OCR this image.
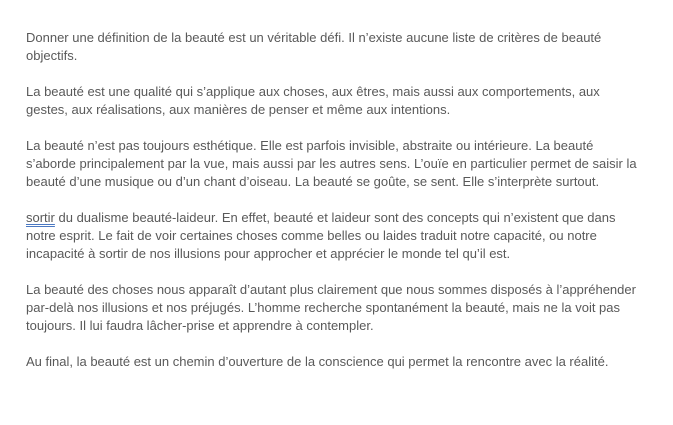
Donner une définition de la beauté est un véritable défi. Il n’existe aucune liste de critères de beauté objectifs.

La beauté est une qualité qui s’applique aux choses, aux êtres, mais aussi aux comportements, aux gestes, aux réalisations, aux manières de penser et même aux intentions.

La beauté n’est pas toujours esthétique. Elle est parfois invisible, abstraite ou intérieure. La beauté s’aborde principalement par la vue, mais aussi par les autres sens. L’ouïe en particulier permet de saisir la beauté d’une musique ou d’un chant d’oiseau. La beauté se goûte, se sent. Elle s’interprète surtout.

sortir du dualisme beauté-laideur. En effet, beauté et laideur sont des concepts qui n’existent que dans notre esprit. Le fait de voir certaines choses comme belles ou laides traduit notre capacité, ou notre incapacité à sortir de nos illusions pour approcher et apprécier le monde tel qu’il est.

La beauté des choses nous apparaît d’autant plus clairement que nous sommes disposés à l’appréhender par-delà nos illusions et nos préjugés. L’homme recherche spontanément la beauté, mais ne la voit pas toujours. Il lui faudra lâcher-prise et apprendre à contempler.

Au final, la beauté est un chemin d’ouverture de la conscience qui permet la rencontre avec la réalité.
